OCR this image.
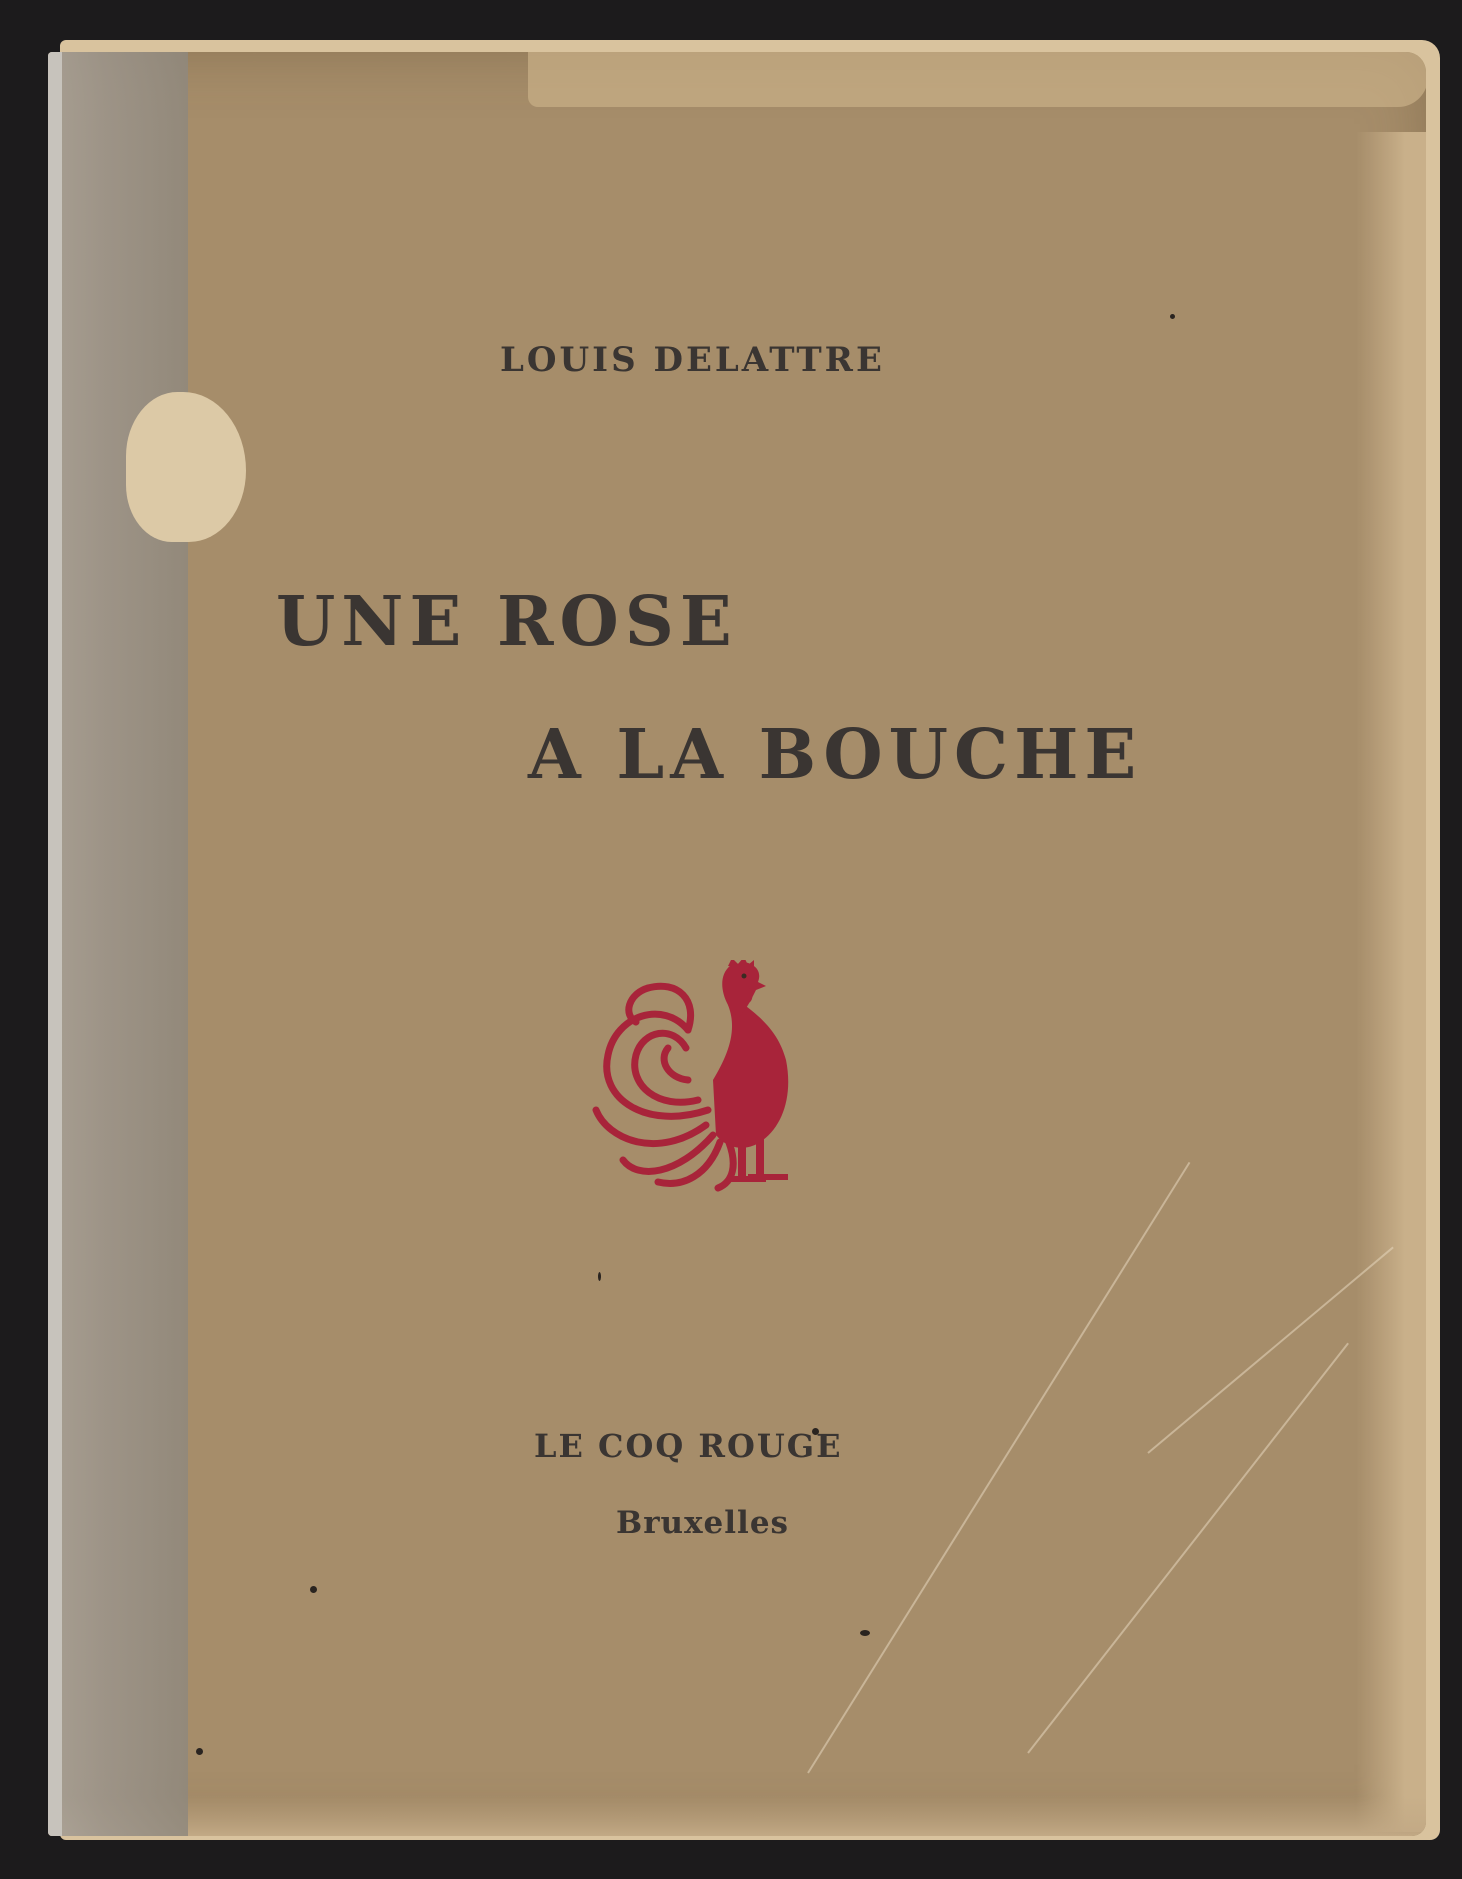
LOUIS DELATTRE
UNE ROSE
A LA BOUCHE
LE COQ ROUGE
Bruxelles
